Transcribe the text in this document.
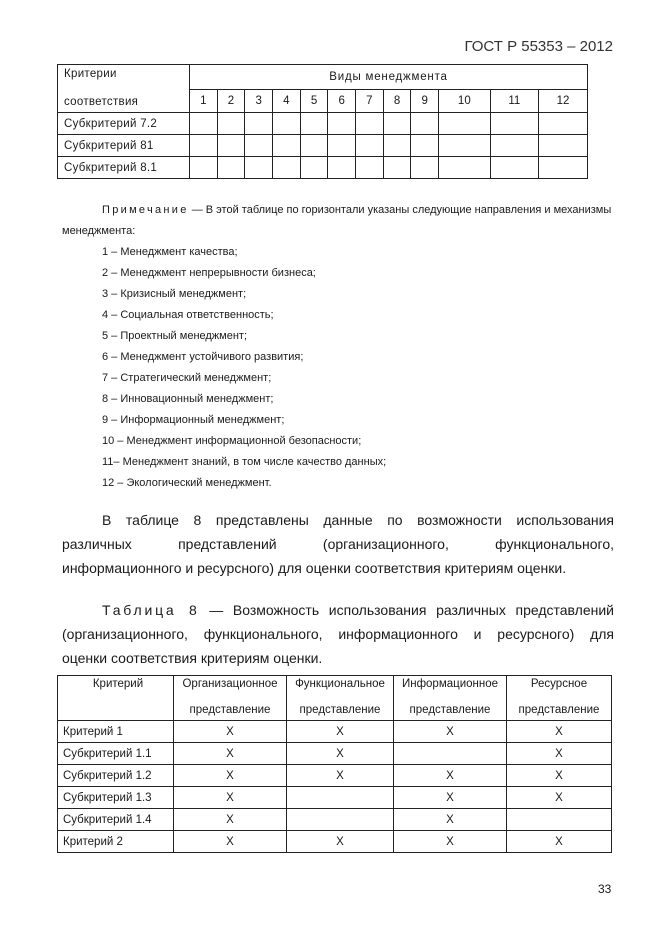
ГОСТ Р 55353 – 2012
Критерии	Виды менеджмента											
соответствия	1	2	3	4	5	6	7	8	9	10	11	12
Субкритерий 7.2												
Субкритерий 81												
Субкритерий 8.1												
Примечание — В этой таблице по горизонтали указаны следующие направления и механизмы менеджмента:
1 – Менеджмент качества;
2 – Менеджмент непрерывности бизнеса;
3 – Кризисный менеджмент;
4 – Социальная ответственность;
5 – Проектный менеджмент;
6 – Менеджмент устойчивого развития;
7 – Стратегический менеджмент;
8 – Инновационный менеджмент;
9 – Информационный менеджмент;
10 – Менеджмент информационной безопасности;
11– Менеджмент знаний, в том числе качество данных;
12 – Экологический менеджмент.
В таблице 8 представлены данные по возможности использования
различных представлений (организационного, функционального,
информационного и ресурсного) для оценки соответствия критериям оценки.
Таблица 8 — Возможность использования различных представлений
(организационного, функционального, информационного и ресурсного) для
оценки соответствия критериям оценки.
Критерий	Организационное	Функциональное	Информационное	Ресурсное
	представление	представление	представление	представление
Критерий 1	Х	Х	Х	Х
Субкритерий 1.1	Х	Х		Х
Субкритерий 1.2	Х	Х	Х	Х
Субкритерий 1.3	Х		Х	Х
Субкритерий 1.4	Х		Х	
Критерий 2	Х	Х	Х	Х
33
